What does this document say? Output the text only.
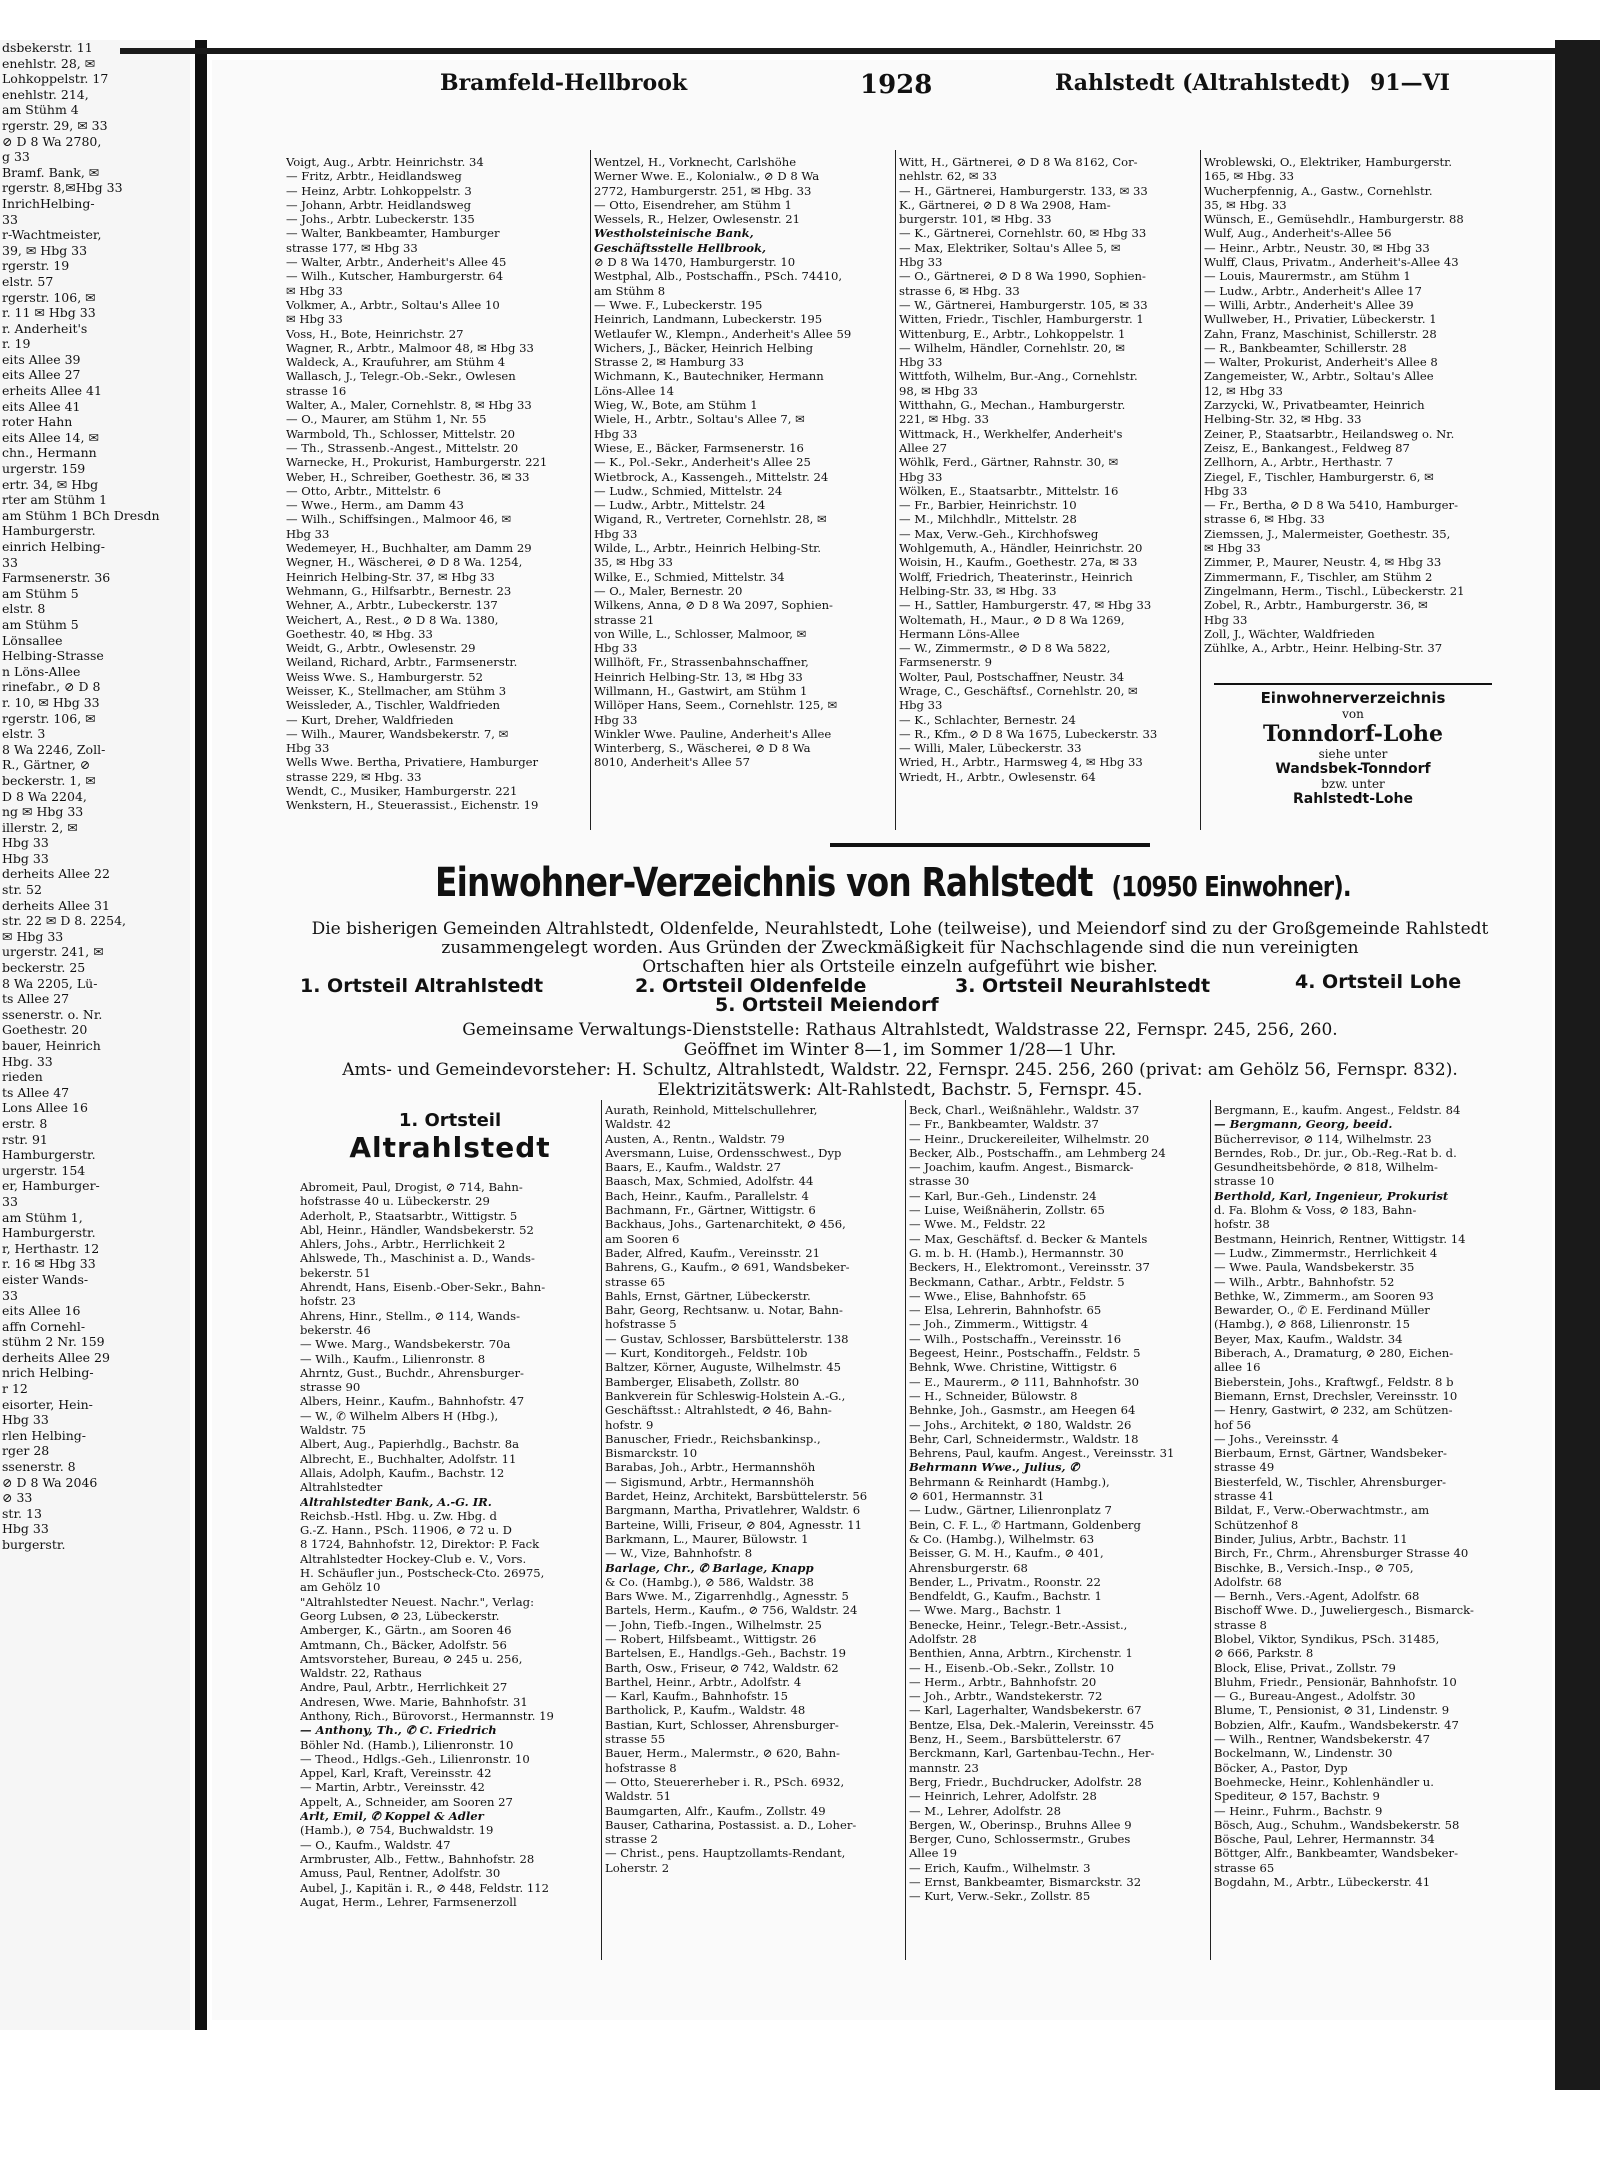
dsbekerstr. 11

enehlstr. 28, ✉

Lohkoppelstr. 17

enehlstr. 214,

am Stühm 4

rgerstr. 29, ✉ 33

⊘ D 8 Wa 2780,

g 33

Bramf. Bank, ✉

rgerstr. 8,✉Hbg 33

InrichHelbing-

33

r-Wachtmeister,

39, ✉ Hbg 33

rgerstr. 19

elstr. 57

rgerstr. 106, ✉

r. 11 ✉ Hbg 33

r. Anderheit's

r. 19

eits Allee 39

eits Allee 27

erheits Allee 41

eits Allee 41

roter Hahn

eits Allee 14, ✉

chn., Hermann

urgerstr. 159

ertr. 34, ✉ Hbg

rter am Stühm 1

am Stühm 1 BCh Dresdn

Hamburgerstr.

einrich Helbing-

33

Farmsenerstr. 36

am Stühm 5

elstr. 8

am Stühm 5

Lönsallee

Helbing-Strasse

n Löns-Allee

rinefabr., ⊘ D 8

r. 10, ✉ Hbg 33

rgerstr. 106, ✉

elstr. 3

8 Wa 2246, Zoll-

R., Gärtner, ⊘

beckerstr. 1, ✉

D 8 Wa 2204,

ng ✉ Hbg 33

illerstr. 2, ✉

Hbg 33

Hbg 33

derheits Allee 22

str. 52

derheits Allee 31

str. 22 ✉ D 8. 2254,

✉ Hbg 33

urgerstr. 241, ✉

beckerstr. 25

8 Wa 2205, Lü-

ts Allee 27

ssenerstr. o. Nr.

Goethestr. 20

bauer, Heinrich

Hbg. 33

rieden

ts Allee 47

Lons Allee 16

erstr. 8

rstr. 91

Hamburgerstr.

urgerstr. 154

er, Hamburger-

33

am Stühm 1,

Hamburgerstr.

r, Herthastr. 12

r. 16 ✉ Hbg 33

eister Wands-

33

eits Allee 16

affn Cornehl-

stühm 2 Nr. 159

derheits Allee 29

nrich Helbing-

r 12

eisorter, Hein-

Hbg 33

rlen Helbing-

rger 28

ssenerstr. 8

⊘ D 8 Wa 2046

⊘ 33

str. 13

Hbg 33

burgerstr.

Bramfeld-Hellbrook	1928	Rahlstedt (Altrahlstedt) 91—VI

Voigt, Aug., Arbtr. Heinrichstr. 34

— Fritz, Arbtr., Heidlandsweg

— Heinz, Arbtr. Lohkoppelstr. 3

— Johann, Arbtr. Heidlandsweg

— Johs., Arbtr. Lubeckerstr. 135

— Walter, Bankbeamter, Hamburger

strasse 177, ✉ Hbg 33

— Walter, Arbtr., Anderheit's Allee 45

— Wilh., Kutscher, Hamburgerstr. 64

✉ Hbg 33

Volkmer, A., Arbtr., Soltau's Allee 10

✉ Hbg 33

Voss, H., Bote, Heinrichstr. 27

Wagner, R., Arbtr., Malmoor 48, ✉ Hbg 33

Waldeck, A., Kraufuhrer, am Stühm 4

Wallasch, J., Telegr.-Ob.-Sekr., Owlesen

strasse 16

Walter, A., Maler, Cornehlstr. 8, ✉ Hbg 33

— O., Maurer, am Stühm 1, Nr. 55

Warmbold, Th., Schlosser, Mittelstr. 20

— Th., Strassenb.-Angest., Mittelstr. 20

Warnecke, H., Prokurist, Hamburgerstr. 221

Weber, H., Schreiber, Goethestr. 36, ✉ 33

— Otto, Arbtr., Mittelstr. 6

— Wwe., Herm., am Damm 43

— Wilh., Schiffsingen., Malmoor 46, ✉

Hbg 33

Wedemeyer, H., Buchhalter, am Damm 29

Wegner, H., Wäscherei, ⊘ D 8 Wa. 1254,

Heinrich Helbing-Str. 37, ✉ Hbg 33

Wehmann, G., Hilfsarbtr., Bernestr. 23

Wehner, A., Arbtr., Lubeckerstr. 137

Weichert, A., Rest., ⊘ D 8 Wa. 1380,

Goethestr. 40, ✉ Hbg. 33

Weidt, G., Arbtr., Owlesenstr. 29

Weiland, Richard, Arbtr., Farmsenerstr.

Weiss Wwe. S., Hamburgerstr. 52

Weisser, K., Stellmacher, am Stühm 3

Weissleder, A., Tischler, Waldfrieden

— Kurt, Dreher, Waldfrieden

— Wilh., Maurer, Wandsbekerstr. 7, ✉

Hbg 33

Wells Wwe. Bertha, Privatiere, Hamburger

strasse 229, ✉ Hbg. 33

Wendt, C., Musiker, Hamburgerstr. 221

Wenkstern, H., Steuerassist., Eichenstr. 19

Wentzel, H., Vorknecht, Carlshöhe

Werner Wwe. E., Kolonialw., ⊘ D 8 Wa

2772, Hamburgerstr. 251, ✉ Hbg. 33

— Otto, Eisendreher, am Stühm 1

Wessels, R., Helzer, Owlesenstr. 21

Westholsteinische Bank,

Geschäftsstelle Hellbrook,

⊘ D 8 Wa 1470, Hamburgerstr. 10

Westphal, Alb., Postschaffn., PSch. 74410,

am Stühm 8

— Wwe. F., Lubeckerstr. 195

Heinrich, Landmann, Lubeckerstr. 195

Wetlaufer W., Klempn., Anderheit's Allee 59

Wichers, J., Bäcker, Heinrich Helbing

Strasse 2, ✉ Hamburg 33

Wichmann, K., Bautechniker, Hermann

Löns-Allee 14

Wieg, W., Bote, am Stühm 1

Wiele, H., Arbtr., Soltau's Allee 7, ✉

Hbg 33

Wiese, E., Bäcker, Farmsenerstr. 16

— K., Pol.-Sekr., Anderheit's Allee 25

Wietbrock, A., Kassengeh., Mittelstr. 24

— Ludw., Schmied, Mittelstr. 24

— Ludw., Arbtr., Mittelstr. 24

Wigand, R., Vertreter, Cornehlstr. 28, ✉

Hbg 33

Wilde, L., Arbtr., Heinrich Helbing-Str.

35, ✉ Hbg 33

Wilke, E., Schmied, Mittelstr. 34

— O., Maler, Bernestr. 20

Wilkens, Anna, ⊘ D 8 Wa 2097, Sophien-

strasse 21

von Wille, L., Schlosser, Malmoor, ✉

Hbg 33

Willhöft, Fr., Strassenbahnschaffner,

Heinrich Helbing-Str. 13, ✉ Hbg 33

Willmann, H., Gastwirt, am Stühm 1

Willöper Hans, Seem., Cornehlstr. 125, ✉

Hbg 33

Winkler Wwe. Pauline, Anderheit's Allee

Winterberg, S., Wäscherei, ⊘ D 8 Wa

8010, Anderheit's Allee 57

Witt, H., Gärtnerei, ⊘ D 8 Wa 8162, Cor-

nehlstr. 62, ✉ 33

— H., Gärtnerei, Hamburgerstr. 133, ✉ 33

K., Gärtnerei, ⊘ D 8 Wa 2908, Ham-

burgerstr. 101, ✉ Hbg. 33

— K., Gärtnerei, Cornehlstr. 60, ✉ Hbg 33

— Max, Elektriker, Soltau's Allee 5, ✉

Hbg 33

— O., Gärtnerei, ⊘ D 8 Wa 1990, Sophien-

strasse 6, ✉ Hbg. 33

— W., Gärtnerei, Hamburgerstr. 105, ✉ 33

Witten, Friedr., Tischler, Hamburgerstr. 1

Wittenburg, E., Arbtr., Lohkoppelstr. 1

— Wilhelm, Händler, Cornehlstr. 20, ✉

Hbg 33

Wittfoth, Wilhelm, Bur.-Ang., Cornehlstr.

98, ✉ Hbg 33

Witthahn, G., Mechan., Hamburgerstr.

221, ✉ Hbg. 33

Wittmack, H., Werkhelfer, Anderheit's

Allee 27

Wöhlk, Ferd., Gärtner, Rahnstr. 30, ✉

Hbg 33

Wölken, E., Staatsarbtr., Mittelstr. 16

— Fr., Barbier, Heinrichstr. 10

— M., Milchhdlr., Mittelstr. 28

— Max, Verw.-Geh., Kirchhofsweg

Wohlgemuth, A., Händler, Heinrichstr. 20

Woisin, H., Kaufm., Goethestr. 27a, ✉ 33

Wolff, Friedrich, Theaterinstr., Heinrich

Helbing-Str. 33, ✉ Hbg. 33

— H., Sattler, Hamburgerstr. 47, ✉ Hbg 33

Woltemath, H., Maur., ⊘ D 8 Wa 1269,

Hermann Löns-Allee

— W., Zimmermstr., ⊘ D 8 Wa 5822,

Farmsenerstr. 9

Wolter, Paul, Postschaffner, Neustr. 34

Wrage, C., Geschäftsf., Cornehlstr. 20, ✉

Hbg 33

— K., Schlachter, Bernestr. 24

— R., Kfm., ⊘ D 8 Wa 1675, Lubeckerstr. 33

— Willi, Maler, Lübeckerstr. 33

Wried, H., Arbtr., Harmsweg 4, ✉ Hbg 33

Wriedt, H., Arbtr., Owlesenstr. 64

Wroblewski, O., Elektriker, Hamburgerstr.

165, ✉ Hbg. 33

Wucherpfennig, A., Gastw., Cornehlstr.

35, ✉ Hbg. 33

Wünsch, E., Gemüsehdlr., Hamburgerstr. 88

Wulf, Aug., Anderheit's-Allee 56

— Heinr., Arbtr., Neustr. 30, ✉ Hbg 33

Wulff, Claus, Privatm., Anderheit's-Allee 43

— Louis, Maurermstr., am Stühm 1

— Ludw., Arbtr., Anderheit's Allee 17

— Willi, Arbtr., Anderheit's Allee 39

Wullweber, H., Privatier, Lübeckerstr. 1

Zahn, Franz, Maschinist, Schillerstr. 28

— R., Bankbeamter, Schillerstr. 28

— Walter, Prokurist, Anderheit's Allee 8

Zangemeister, W., Arbtr., Soltau's Allee

12, ✉ Hbg 33

Zarzycki, W., Privatbeamter, Heinrich

Helbing-Str. 32, ✉ Hbg. 33

Zeiner, P., Staatsarbtr., Heilandsweg o. Nr.

Zeisz, E., Bankangest., Feldweg 87

Zellhorn, A., Arbtr., Herthastr. 7

Ziegel, F., Tischler, Hamburgerstr. 6, ✉

Hbg 33

— Fr., Bertha, ⊘ D 8 Wa 5410, Hamburger-

strasse 6, ✉ Hbg. 33

Ziemssen, J., Malermeister, Goethestr. 35,

✉ Hbg 33

Zimmer, P., Maurer, Neustr. 4, ✉ Hbg 33

Zimmermann, F., Tischler, am Stühm 2

Zingelmann, Herm., Tischl., Lübeckerstr. 21

Zobel, R., Arbtr., Hamburgerstr. 36, ✉

Hbg 33

Zoll, J., Wächter, Waldfrieden

Zühlke, A., Arbtr., Heinr. Helbing-Str. 37

Einwohnerverzeichnis
von
Tonndorf-Lohe
siehe unter
Wandsbek-Tonndorf
bzw. unter
Rahlstedt-Lohe
Einwohner-Verzeichnis von Rahlstedt (10950 Einwohner).

Die bisherigen Gemeinden Altrahlstedt, Oldenfelde, Neurahlstedt, Lohe (teilweise), und Meiendorf sind zu der Großgemeinde Rahlstedt

zusammengelegt worden. Aus Gründen der Zweckmäßigkeit für Nachschlagende sind die nun vereinigten

Ortschaften hier als Ortsteile einzeln aufgeführt wie bisher.

1. Ortsteil Altrahlstedt	2. Ortsteil Oldenfelde	3. Ortsteil Neurahlstedt	4. Ortsteil Lohe
5. Ortsteil Meiendorf

Gemeinsame Verwaltungs-Dienststelle: Rathaus Altrahlstedt, Waldstrasse 22, Fernspr. 245, 256, 260.

Geöffnet im Winter 8—1, im Sommer 1/28—1 Uhr.

Amts- und Gemeindevorsteher: H. Schultz, Altrahlstedt, Waldstr. 22, Fernspr. 245. 256, 260 (privat: am Gehölz 56, Fernspr. 832).

Elektrizitätswerk: Alt-Rahlstedt, Bachstr. 5, Fernspr. 45.

1. Ortsteil
Altrahlstedt

Abromeit, Paul, Drogist, ⊘ 714, Bahn-

hofstrasse 40 u. Lübeckerstr. 29

Aderholt, P., Staatsarbtr., Wittigstr. 5

Abl, Heinr., Händler, Wandsbekerstr. 52

Ahlers, Johs., Arbtr., Herrlichkeit 2

Ahlswede, Th., Maschinist a. D., Wands-

bekerstr. 51

Ahrendt, Hans, Eisenb.-Ober-Sekr., Bahn-

hofstr. 23

Ahrens, Hinr., Stellm., ⊘ 114, Wands-

bekerstr. 46

— Wwe. Marg., Wandsbekerstr. 70a

— Wilh., Kaufm., Lilienronstr. 8

Ahrntz, Gust., Buchdr., Ahrensburger-

strasse 90

Albers, Heinr., Kaufm., Bahnhofstr. 47

— W., ✆ Wilhelm Albers H (Hbg.),

Waldstr. 75

Albert, Aug., Papierhdlg., Bachstr. 8a

Albrecht, E., Buchhalter, Adolfstr. 11

Allais, Adolph, Kaufm., Bachstr. 12

Altrahlstedter

Altrahlstedter Bank, A.-G. IR.

Reichsb.-Hstl. Hbg. u. Zw. Hbg. d

G.-Z. Hann., PSch. 11906, ⊘ 72 u. D

8 1724, Bahnhofstr. 12, Direktor: P. Fack

Altrahlstedter Hockey-Club e. V., Vors.

H. Schäufler jun., Postscheck-Cto. 26975,

am Gehölz 10

"Altrahlstedter Neuest. Nachr.", Verlag:

Georg Lubsen, ⊘ 23, Lübeckerstr.

Amberger, K., Gärtn., am Sooren 46

Amtmann, Ch., Bäcker, Adolfstr. 56

Amtsvorsteher, Bureau, ⊘ 245 u. 256,

Waldstr. 22, Rathaus

Andre, Paul, Arbtr., Herrlichkeit 27

Andresen, Wwe. Marie, Bahnhofstr. 31

Anthony, Rich., Bürovorst., Hermannstr. 19

— Anthony, Th., ✆ C. Friedrich

Böhler Nd. (Hamb.), Lilienronstr. 10

— Theod., Hdlgs.-Geh., Lilienronstr. 10

Appel, Karl, Kraft, Vereinsstr. 42

— Martin, Arbtr., Vereinsstr. 42

Appelt, A., Schneider, am Sooren 27

Arlt, Emil, ✆ Koppel & Adler

(Hamb.), ⊘ 754, Buchwaldstr. 19

— O., Kaufm., Waldstr. 47

Armbruster, Alb., Fettw., Bahnhofstr. 28

Amuss, Paul, Rentner, Adolfstr. 30

Aubel, J., Kapitän i. R., ⊘ 448, Feldstr. 112

Augat, Herm., Lehrer, Farmsenerzoll

Aurath, Reinhold, Mittelschullehrer,

Waldstr. 42

Austen, A., Rentn., Waldstr. 79

Aversmann, Luise, Ordensschwest., Dyp

Baars, E., Kaufm., Waldstr. 27

Baasch, Max, Schmied, Adolfstr. 44

Bach, Heinr., Kaufm., Parallelstr. 4

Bachmann, Fr., Gärtner, Wittigstr. 6

Backhaus, Johs., Gartenarchitekt, ⊘ 456,

am Sooren 6

Bader, Alfred, Kaufm., Vereinsstr. 21

Bahrens, G., Kaufm., ⊘ 691, Wandsbeker-

strasse 65

Bahls, Ernst, Gärtner, Lübeckerstr.

Bahr, Georg, Rechtsanw. u. Notar, Bahn-

hofstrasse 5

— Gustav, Schlosser, Barsbüttelerstr. 138

— Kurt, Konditorgeh., Feldstr. 10b

Baltzer, Körner, Auguste, Wilhelmstr. 45

Bamberger, Elisabeth, Zollstr. 80

Bankverein für Schleswig-Holstein A.-G.,

Geschäftsst.: Altrahlstedt, ⊘ 46, Bahn-

hofstr. 9

Banuscher, Friedr., Reichsbankinsp.,

Bismarckstr. 10

Barabas, Joh., Arbtr., Hermannshöh

— Sigismund, Arbtr., Hermannshöh

Bardet, Heinz, Architekt, Barsbüttelerstr. 56

Bargmann, Martha, Privatlehrer, Waldstr. 6

Barteine, Willi, Friseur, ⊘ 804, Agnesstr. 11

Barkmann, L., Maurer, Bülowstr. 1

— W., Vize, Bahnhofstr. 8

Barlage, Chr., ✆ Barlage, Knapp

& Co. (Hambg.), ⊘ 586, Waldstr. 38

Bars Wwe. M., Zigarrenhdlg., Agnesstr. 5

Bartels, Herm., Kaufm., ⊘ 756, Waldstr. 24

— John, Tiefb.-Ingen., Wilhelmstr. 25

— Robert, Hilfsbeamt., Wittigstr. 26

Bartelsen, E., Handlgs.-Geh., Bachstr. 19

Barth, Osw., Friseur, ⊘ 742, Waldstr. 62

Barthel, Heinr., Arbtr., Adolfstr. 4

— Karl, Kaufm., Bahnhofstr. 15

Bartholick, P., Kaufm., Waldstr. 48

Bastian, Kurt, Schlosser, Ahrensburger-

strasse 55

Bauer, Herm., Malermstr., ⊘ 620, Bahn-

hofstrasse 8

— Otto, Steuererheber i. R., PSch. 6932,

Waldstr. 51

Baumgarten, Alfr., Kaufm., Zollstr. 49

Bauser, Catharina, Postassist. a. D., Loher-

strasse 2

— Christ., pens. Hauptzollamts-Rendant,

Loherstr. 2

Beck, Charl., Weißnählehr., Waldstr. 37

— Fr., Bankbeamter, Waldstr. 37

— Heinr., Druckereileiter, Wilhelmstr. 20

Becker, Alb., Postschaffn., am Lehmberg 24

— Joachim, kaufm. Angest., Bismarck-

strasse 30

— Karl, Bur.-Geh., Lindenstr. 24

— Luise, Weißnäherin, Zollstr. 65

— Wwe. M., Feldstr. 22

— Max, Geschäftsf. d. Becker & Mantels

G. m. b. H. (Hamb.), Hermannstr. 30

Beckers, H., Elektromont., Vereinsstr. 37

Beckmann, Cathar., Arbtr., Feldstr. 5

— Wwe., Elise, Bahnhofstr. 65

— Elsa, Lehrerin, Bahnhofstr. 65

— Joh., Zimmerm., Wittigstr. 4

— Wilh., Postschaffn., Vereinsstr. 16

Begeest, Heinr., Postschaffn., Feldstr. 5

Behnk, Wwe. Christine, Wittigstr. 6

— E., Maurerm., ⊘ 111, Bahnhofstr. 30

— H., Schneider, Bülowstr. 8

Behnke, Joh., Gasmstr., am Heegen 64

— Johs., Architekt, ⊘ 180, Waldstr. 26

Behr, Carl, Schneidermstr., Waldstr. 18

Behrens, Paul, kaufm. Angest., Vereinsstr. 31

Behrmann Wwe., Julius, ✆

Behrmann & Reinhardt (Hambg.),

⊘ 601, Hermannstr. 31

— Ludw., Gärtner, Lilienronplatz 7

Bein, C. F. L., ✆ Hartmann, Goldenberg

& Co. (Hambg.), Wilhelmstr. 63

Beisser, G. M. H., Kaufm., ⊘ 401,

Ahrensburgerstr. 68

Bender, L., Privatm., Roonstr. 22

Bendfeldt, G., Kaufm., Bachstr. 1

— Wwe. Marg., Bachstr. 1

Benecke, Heinr., Telegr.-Betr.-Assist.,

Adolfstr. 28

Benthien, Anna, Arbtrn., Kirchenstr. 1

— H., Eisenb.-Ob.-Sekr., Zollstr. 10

— Herm., Arbtr., Bahnhofstr. 20

— Joh., Arbtr., Wandstekerstr. 72

— Karl, Lagerhalter, Wandsbekerstr. 67

Bentze, Elsa, Dek.-Malerin, Vereinsstr. 45

Benz, H., Seem., Barsbüttelerstr. 67

Berckmann, Karl, Gartenbau-Techn., Her-

mannstr. 23

Berg, Friedr., Buchdrucker, Adolfstr. 28

— Heinrich, Lehrer, Adolfstr. 28

— M., Lehrer, Adolfstr. 28

Bergen, W., Oberinsp., Bruhns Allee 9

Berger, Cuno, Schlossermstr., Grubes

Allee 19

— Erich, Kaufm., Wilhelmstr. 3

— Ernst, Bankbeamter, Bismarckstr. 32

— Kurt, Verw.-Sekr., Zollstr. 85

Bergmann, E., kaufm. Angest., Feldstr. 84

— Bergmann, Georg, beeid.

Bücherrevisor, ⊘ 114, Wilhelmstr. 23

Berndes, Rob., Dr. jur., Ob.-Reg.-Rat b. d.

Gesundheitsbehörde, ⊘ 818, Wilhelm-

strasse 10

Berthold, Karl, Ingenieur, Prokurist

d. Fa. Blohm & Voss, ⊘ 183, Bahn-

hofstr. 38

Bestmann, Heinrich, Rentner, Wittigstr. 14

— Ludw., Zimmermstr., Herrlichkeit 4

— Wwe. Paula, Wandsbekerstr. 35

— Wilh., Arbtr., Bahnhofstr. 52

Bethke, W., Zimmerm., am Sooren 93

Bewarder, O., ✆ E. Ferdinand Müller

(Hambg.), ⊘ 868, Lilienronstr. 15

Beyer, Max, Kaufm., Waldstr. 34

Biberach, A., Dramaturg, ⊘ 280, Eichen-

allee 16

Bieberstein, Johs., Kraftwgf., Feldstr. 8 b

Biemann, Ernst, Drechsler, Vereinsstr. 10

— Henry, Gastwirt, ⊘ 232, am Schützen-

hof 56

— Johs., Vereinsstr. 4

Bierbaum, Ernst, Gärtner, Wandsbeker-

strasse 49

Biesterfeld, W., Tischler, Ahrensburger-

strasse 41

Bildat, F., Verw.-Oberwachtmstr., am

Schützenhof 8

Binder, Julius, Arbtr., Bachstr. 11

Birch, Fr., Chrm., Ahrensburger Strasse 40

Bischke, B., Versich.-Insp., ⊘ 705,

Adolfstr. 68

— Bernh., Vers.-Agent, Adolfstr. 68

Bischoff Wwe. D., Juweliergesch., Bismarck-

strasse 8

Blobel, Viktor, Syndikus, PSch. 31485,

⊘ 666, Parkstr. 8

Block, Elise, Privat., Zollstr. 79

Bluhm, Friedr., Pensionär, Bahnhofstr. 10

— G., Bureau-Angest., Adolfstr. 30

Blume, T., Pensionist, ⊘ 31, Lindenstr. 9

Bobzien, Alfr., Kaufm., Wandsbekerstr. 47

— Wilh., Rentner, Wandsbekerstr. 47

Bockelmann, W., Lindenstr. 30

Böcker, A., Pastor, Dyp

Boehmecke, Heinr., Kohlenhändler u.

Spediteur, ⊘ 157, Bachstr. 9

— Heinr., Fuhrm., Bachstr. 9

Bösch, Aug., Schuhm., Wandsbekerstr. 58

Bösche, Paul, Lehrer, Hermannstr. 34

Böttger, Alfr., Bankbeamter, Wandsbeker-

strasse 65

Bogdahn, M., Arbtr., Lübeckerstr. 41
